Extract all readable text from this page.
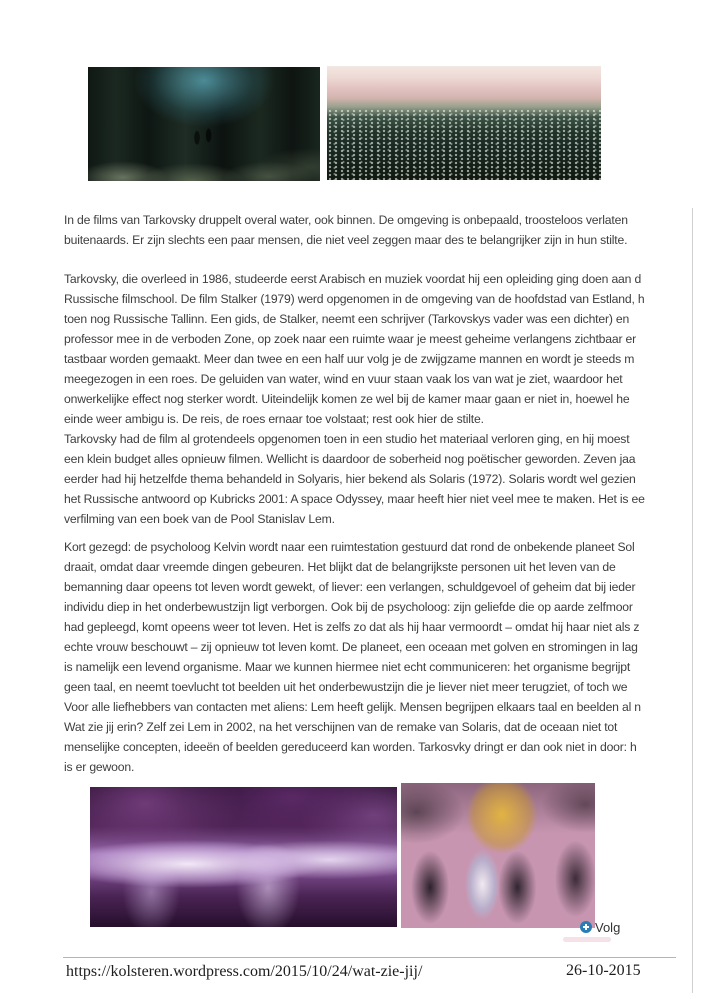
In de films van Tarkovsky druppelt overal water, ook binnen. De omgeving is onbepaald, troosteloos verlaten
buitenaards. Er zijn slechts een paar mensen, die niet veel zeggen maar des te belangrijker zijn in hun stilte.
Tarkovsky, die overleed in 1986, studeerde eerst Arabisch en muziek voordat hij een opleiding ging doen aan d
Russische filmschool. De film Stalker (1979) werd opgenomen in de omgeving van de hoofdstad van Estland, h
toen nog Russische Tallinn. Een gids, de Stalker, neemt een schrijver (Tarkovskys vader was een dichter) en
professor mee in de verboden Zone, op zoek naar een ruimte waar je meest geheime verlangens zichtbaar er
tastbaar worden gemaakt. Meer dan twee en een half uur volg je de zwijgzame mannen en wordt je steeds m
meegezogen in een roes. De geluiden van water, wind en vuur staan vaak los van wat je ziet, waardoor het
onwerkelijke effect nog sterker wordt. Uiteindelijk komen ze wel bij de kamer maar gaan er niet in, hoewel he
einde weer ambigu is. De reis, de roes ernaar toe volstaat; rest ook hier de stilte.
Tarkovsky had de film al grotendeels opgenomen toen in een studio het materiaal verloren ging, en hij moest
een klein budget alles opnieuw filmen. Wellicht is daardoor de soberheid nog poëtischer geworden. Zeven jaa
eerder had hij hetzelfde thema behandeld in Solyaris, hier bekend als Solaris (1972). Solaris wordt wel gezien
het Russische antwoord op Kubricks 2001: A space Odyssey, maar heeft hier niet veel mee te maken. Het is ee
verfilming van een boek van de Pool Stanislav Lem.
Kort gezegd: de psycholoog Kelvin wordt naar een ruimtestation gestuurd dat rond de onbekende planeet Sol
draait, omdat daar vreemde dingen gebeuren. Het blijkt dat de belangrijkste personen uit het leven van de
bemanning daar opeens tot leven wordt gewekt, of liever: een verlangen, schuldgevoel of geheim dat bij ieder
individu diep in het onderbewustzijn ligt verborgen. Ook bij de psycholoog: zijn geliefde die op aarde zelfmoor
had gepleegd, komt opeens weer tot leven. Het is zelfs zo dat als hij haar vermoordt – omdat hij haar niet als z
echte vrouw beschouwt – zij opnieuw tot leven komt. De planeet, een oceaan met golven en stromingen in lag
is namelijk een levend organisme. Maar we kunnen hiermee niet echt communiceren: het organisme begrijpt
geen taal, en neemt toevlucht tot beelden uit het onderbewustzijn die je liever niet meer terugziet, of toch we
Voor alle liefhebbers van contacten met aliens: Lem heeft gelijk. Mensen begrijpen elkaars taal en beelden al n
Wat zie jij erin? Zelf zei Lem in 2002, na het verschijnen van de remake van Solaris, dat de oceaan niet tot
menselijke concepten, ideeën of beelden gereduceerd kan worden. Tarkosvky dringt er dan ook niet in door: h
is er gewoon.
Volg
https://kolsteren.wordpress.com/2015/10/24/wat-zie-jij/	26-10-2015
